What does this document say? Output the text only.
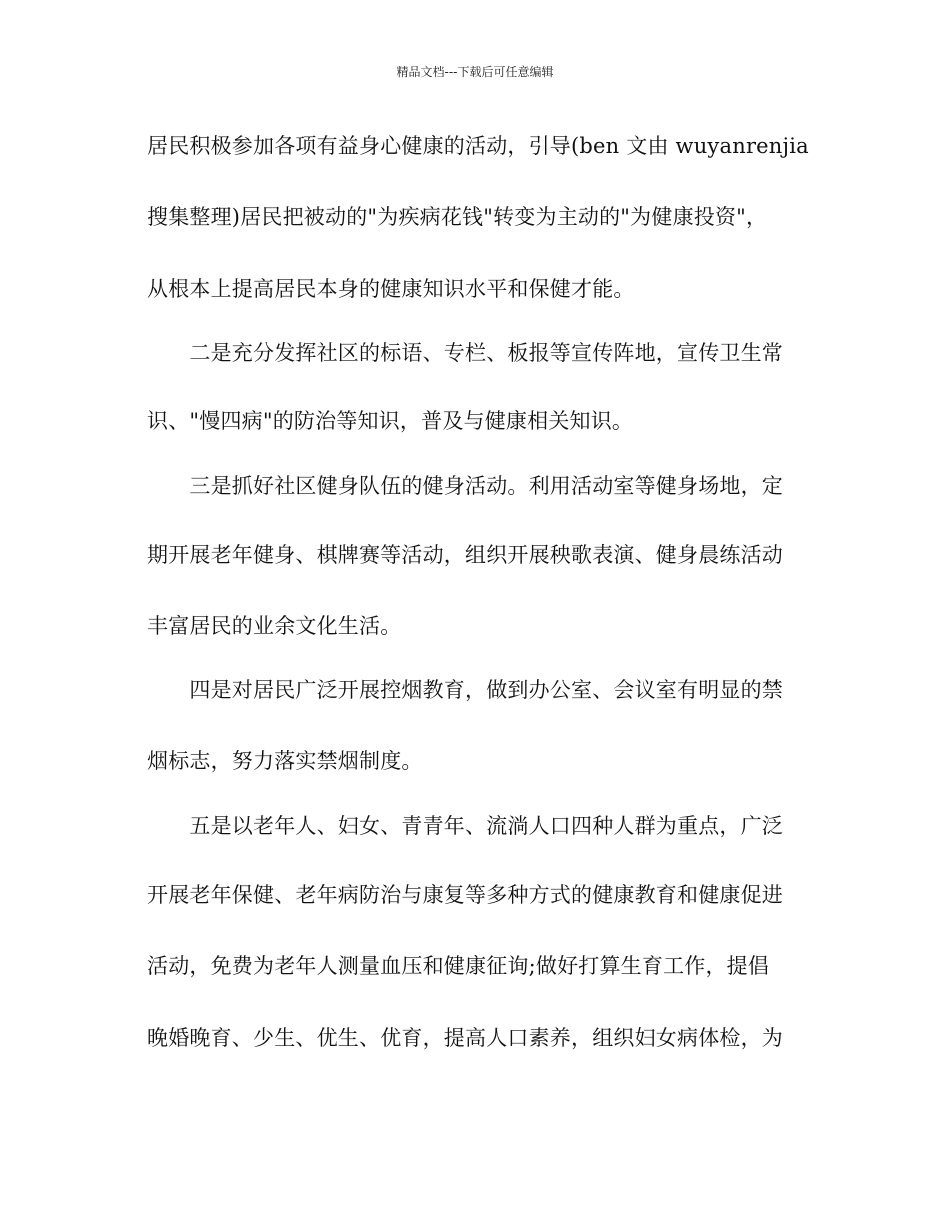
精品文档---下载后可任意编辑
居民积极参加各项有益身心健康的活动，引导(ben 文由 wuyanrenjia
搜集整理)居民把被动的"为疾病花钱"转变为主动的"为健康投资"，
从根本上提高居民本身的健康知识水平和保健才能。
　　二是充分发挥社区的标语、专栏、板报等宣传阵地，宣传卫生常
识、"慢四病"的防治等知识，普及与健康相关知识。
　　三是抓好社区健身队伍的健身活动。利用活动室等健身场地，定
期开展老年健身、棋牌赛等活动，组织开展秧歌表演、健身晨练活动
丰富居民的业余文化生活。
　　四是对居民广泛开展控烟教育，做到办公室、会议室有明显的禁
烟标志，努力落实禁烟制度。
　　五是以老年人、妇女、青青年、流淌人口四种人群为重点，广泛
开展老年保健、老年病防治与康复等多种方式的健康教育和健康促进
活动，免费为老年人测量血压和健康征询;做好打算生育工作，提倡
晚婚晚育、少生、优生、优育，提高人口素养，组织妇女病体检，为
